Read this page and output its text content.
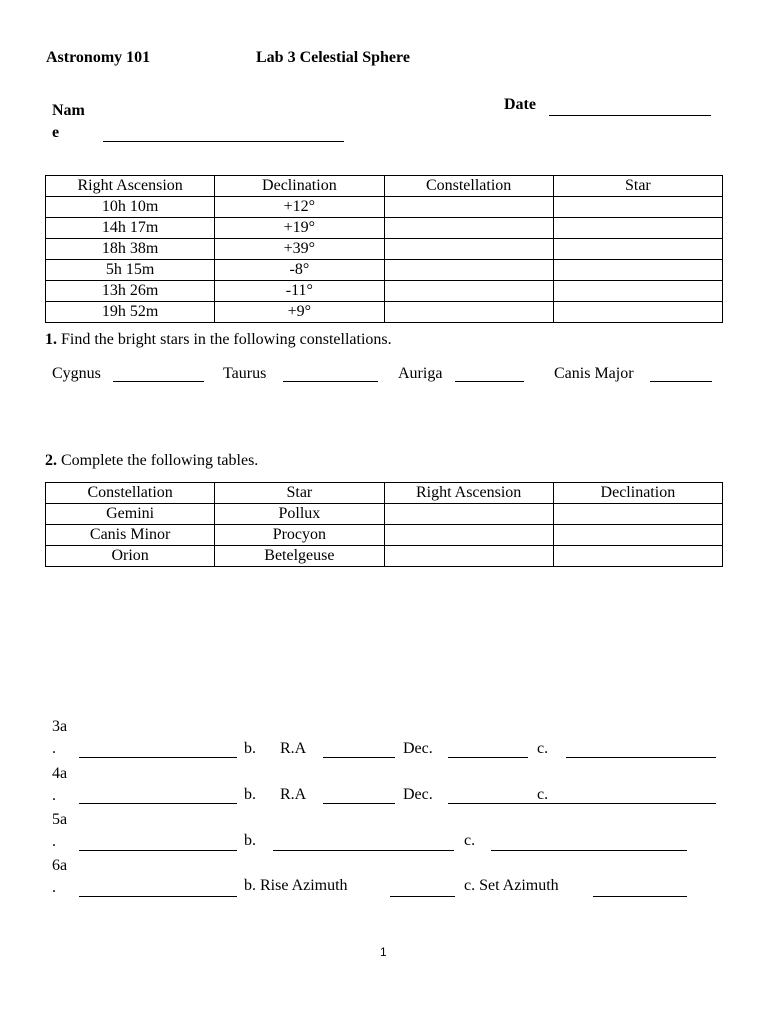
Astronomy 101	Lab 3 Celestial Sphere
Nam
e
Date
Right Ascension	Declination	Constellation	Star
10h 10m	+12°		
14h 17m	+19°		
18h 38m	+39°		
5h 15m	-8°		
13h 26m	-11°		
19h 52m	+9°		
1. Find the bright stars in the following constellations.
Cygnus	Taurus	Auriga	Canis Major
2. Complete the following tables.
Constellation	Star	Right Ascension	Declination
Gemini	Pollux		
Canis Minor	Procyon		
Orion	Betelgeuse		
3a
.	b. R.A	Dec.	c.
4a
.	b. R.A	Dec.	c.
5a
.	b.	c.
6a
.	b. Rise Azimuth	c. Set Azimuth
1
